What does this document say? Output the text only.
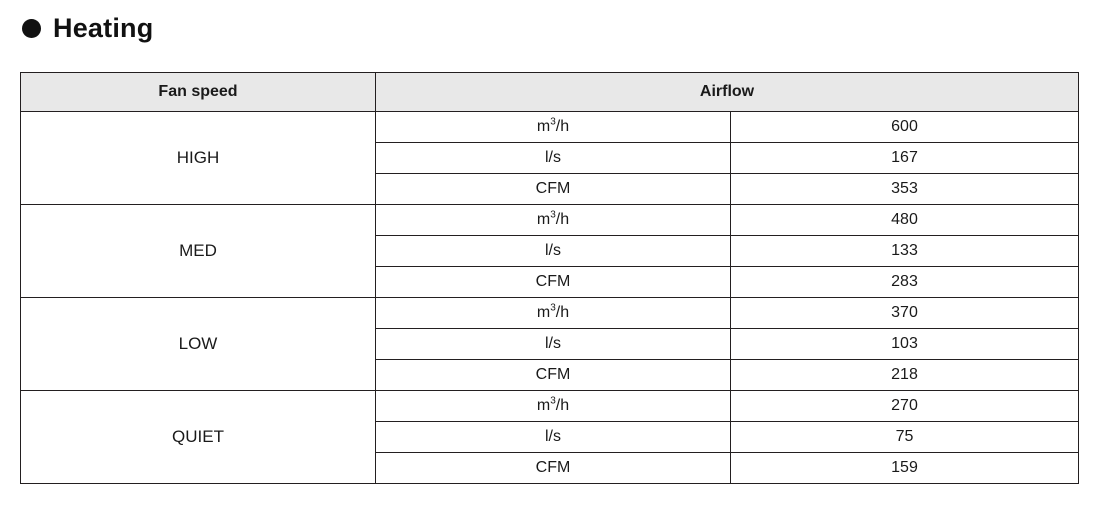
Heating
Fan speed	Airflow	
HIGH	$m^3/h$	600
	l/s	167
	CFM	353
MED	$m^3/h$	480
	l/s	133
	CFM	283
LOW	$m^3/h$	370
	l/s	103
	CFM	218
QUIET	$m^3/h$	270
	l/s	75
	CFM	159
